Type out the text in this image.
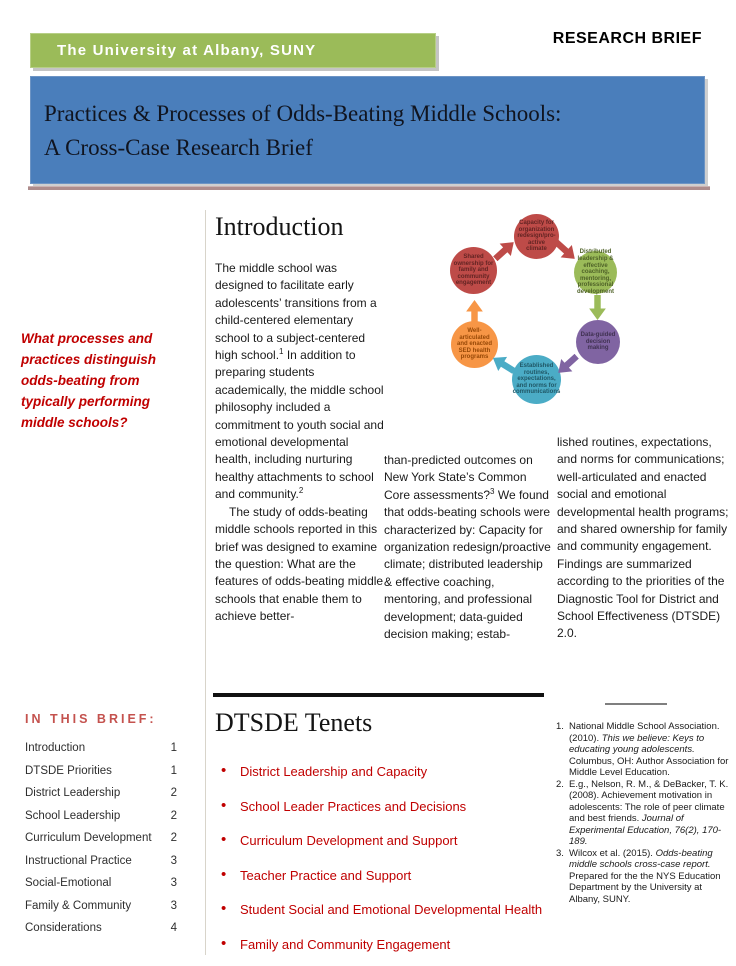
The University at Albany, SUNY
RESEARCH BRIEF
Practices & Processes of Odds-Beating Middle Schools:
A Cross-Case Research Brief
What processes and practices distinguish odds-beating from typically performing middle schools?
Introduction

The middle school was designed to facilitate early adolescents’ transitions from a child-centered elementary school to a subject-centered high school.$^1$ In addition to preparing students academically, the middle school philosophy included a commitment to youth social and emotional developmental health, including nurturing healthy attachments to school and community.$^2$

The study of odds-beating middle schools reported in this brief was designed to examine the question: What are the features of odds-beating middle schools that enable them to achieve better-

than-predicted outcomes on New York State’s Common Core assessments?$^3$ We found that odds-beating schools were characterized by: Capacity for organization redesign/proactive climate; distributed leadership & effective coaching, mentoring, and professional development; data-guided decision making; estab-

lished routines, expectations, and norms for communications; well-articulated and enacted social and emotional developmental health programs; and shared ownership for family and community engagement. Findings are summarized according to the priorities of the Diagnostic Tool for District and School Effectiveness (DTSDE) 2.0.

Capacity for organization redesign/pro-active climate
Distributed leadership & effective coaching, mentoring, professional development
Data-guided decision making
Established routines, expectations, and norms for communications
Well-articulated and enacted SED health programs
Shared ownership for family and community engagement
IN THIS BRIEF:
Introduction	1
DTSDE Priorities	1
District Leadership	2
School Leadership	2
Curriculum Development 2
Instructional Practice	3
Social-Emotional	3
Family & Community	3
Considerations	4
DTSDE Tenets
• District Leadership and Capacity
• School Leader Practices and Decisions
• Curriculum Development and Support
• Teacher Practice and Support
• Student Social and Emotional Developmental Health
• Family and Community Engagement
1. National Middle School Association. (2010). This we believe: Keys to educating young adolescents. Columbus, OH: Author Association for Middle Level Education.
2. E.g., Nelson, R. M., & DeBacker, T. K. (2008). Achievement motivation in adolescents: The role of peer climate and best friends. Journal of Experimental Education, 76(2), 170-189.
3. Wilcox et al. (2015). Odds-beating middle schools cross-case report. Prepared for the the NYS Education Department by the University at Albany, SUNY.
